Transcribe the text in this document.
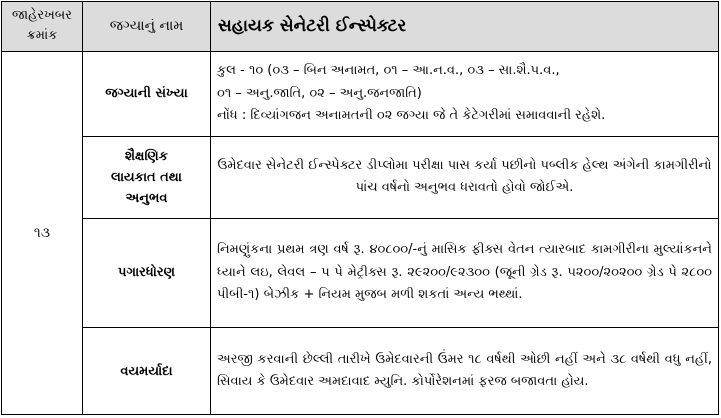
જાહેરખબર
ક્રમાંક	જગ્યાનું નામ	સહાયક સેનેટરી ઈન્સ્પેક્ટર
૧૩	જગ્યાની સંખ્યા	કુલ - ૧૦ (૦૩ – બિન અનામત, ૦૧ – આ.ન.વ., ૦૩ – સા.શૈ.પ.વ.,

૦૧ – અનુ.જાતિ, ૦૨ – અનુ.જનજાતિ)

નોંધ : દિવ્યાંગજન અનામતની ૦૨ જગ્યા જે તે કેટેગરીમાં સમાવવાની રહેશે.

	શૈક્ષણિક
લાયકાત તથા
અનુભવ	ઉમેદવાર સેનેટરી ઈન્સ્પેક્ટર ડીપ્લોમા પરીક્ષા પાસ કર્યા પછીનો પબ્લીક હેલ્થ અંગેની કામગીરીનો પાંચ વર્ષનો અનુભવ ધરાવતો હોવો જોઈએ.
	પગારધોરણ	નિમણુંકના પ્રથમ ત્રણ વર્ષ રૂ. ૪૦૮૦૦/-નું માસિક ફીક્સ વેતન ત્યારબાદ કામગીરીના મુલ્યાંકનને ધ્યાને લઇ, લેવલ – પ પે મેટ્રીક્સ રૂ. ૨૯૨૦૦/૯૨૩૦૦ (જૂની ગ્રેડ રૂ. ૫૨૦૦/૨૦૨૦૦ ગ્રેડ પે ૨૮૦૦ પીબી-૧) બેઝીક + નિયમ મુજબ મળી શકતાં અન્ય ભથ્થાં.
	વયમર્યાદા	અરજી કરવાની છેલ્લી તારીખે ઉમેદવારની ઉંમર ૧૮ વર્ષથી ઓછી નહીં અને ૩૮ વર્ષથી વધુ નહીં, સિવાય કે ઉમેદવાર અમદાવાદ મ્યુનિ. કોર્પોરેશનમાં ફરજ બજાવતા હોય.
